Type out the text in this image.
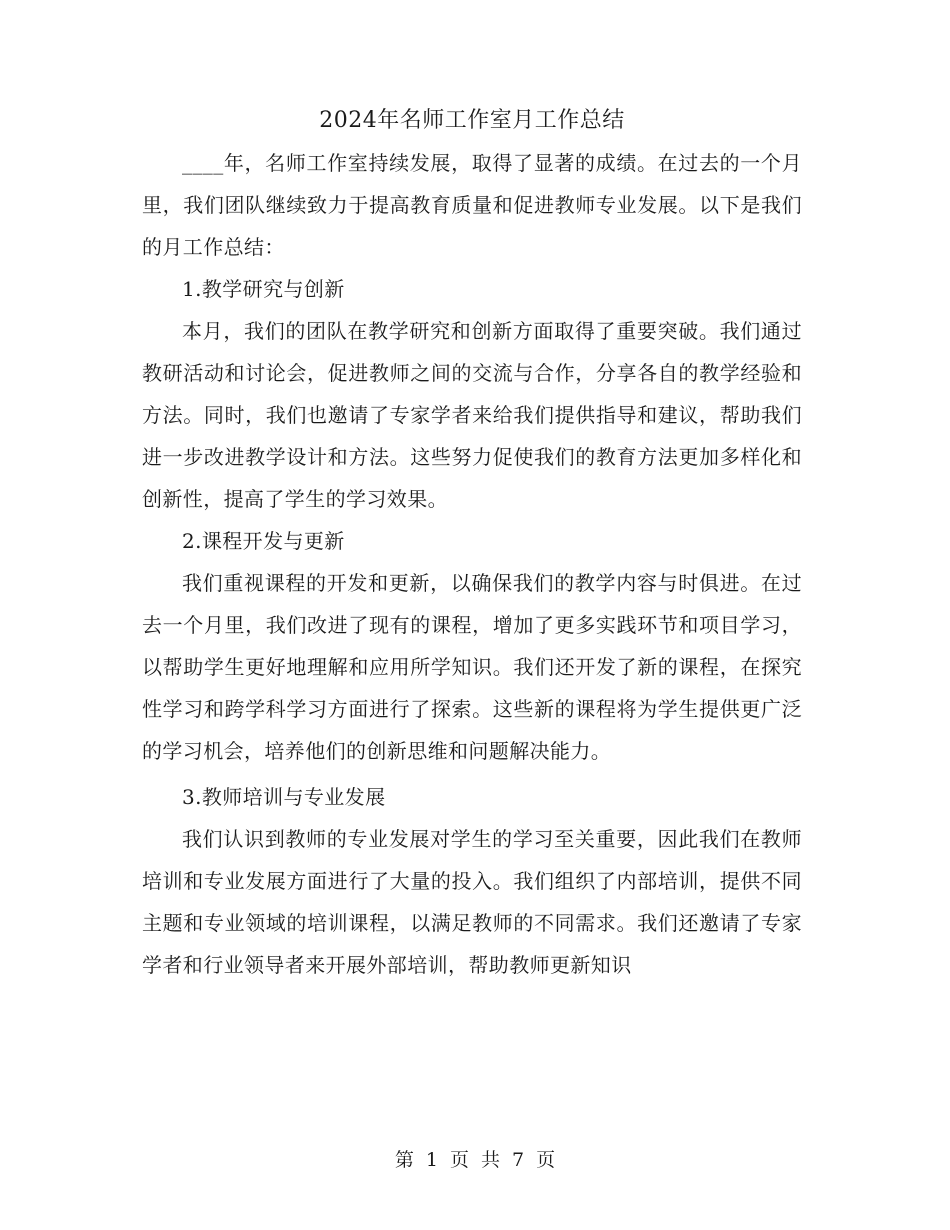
2024年名师工作室月工作总结

____年，名师工作室持续发展，取得了显著的成绩。在过去的一个月里，我们团队继续致力于提高教育质量和促进教师专业发展。以下是我们的月工作总结：

1.教学研究与创新

本月，我们的团队在教学研究和创新方面取得了重要突破。我们通过教研活动和讨论会，促进教师之间的交流与合作，分享各自的教学经验和方法。同时，我们也邀请了专家学者来给我们提供指导和建议，帮助我们进一步改进教学设计和方法。这些努力促使我们的教育方法更加多样化和创新性，提高了学生的学习效果。

2.课程开发与更新

我们重视课程的开发和更新，以确保我们的教学内容与时俱进。在过去一个月里，我们改进了现有的课程，增加了更多实践环节和项目学习，以帮助学生更好地理解和应用所学知识。我们还开发了新的课程，在探究性学习和跨学科学习方面进行了探索。这些新的课程将为学生提供更广泛的学习机会，培养他们的创新思维和问题解决能力。

3.教师培训与专业发展

我们认识到教师的专业发展对学生的学习至关重要，因此我们在教师培训和专业发展方面进行了大量的投入。我们组织了内部培训，提供不同主题和专业领域的培训课程，以满足教师的不同需求。我们还邀请了专家学者和行业领导者来开展外部培训，帮助教师更新知识

第 1 页 共 7 页
